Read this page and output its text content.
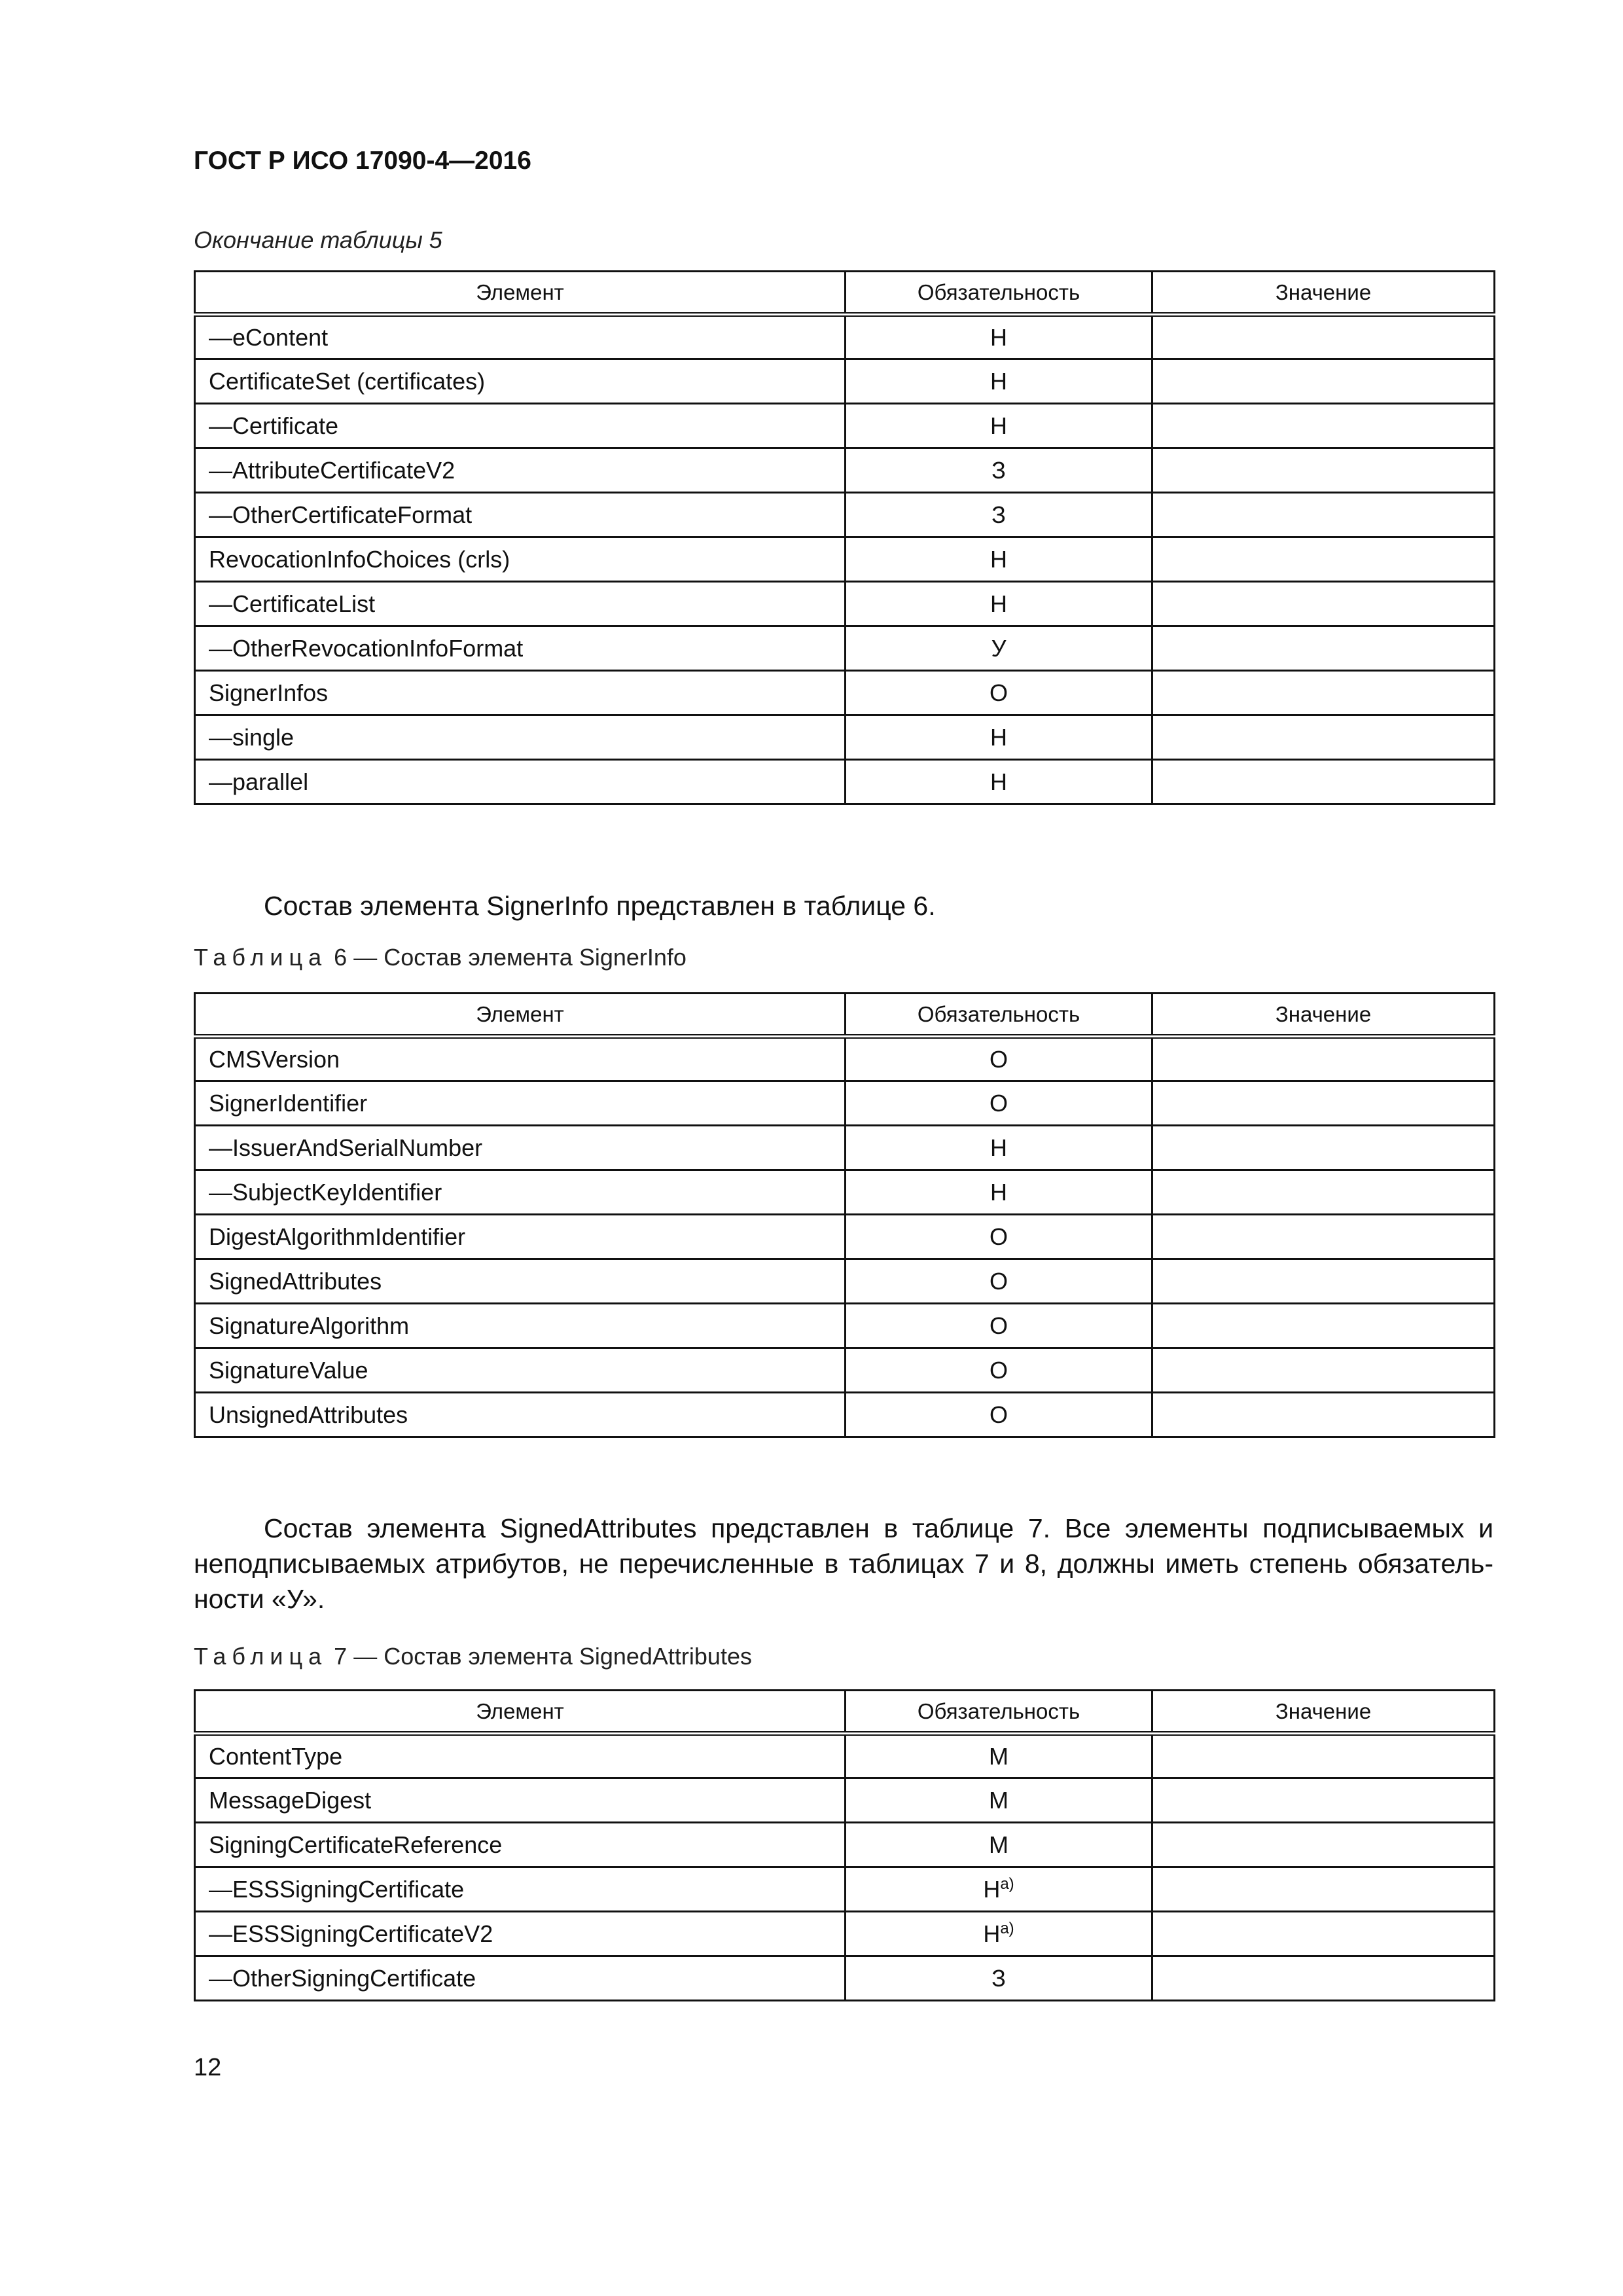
ГОСТ Р ИСО 17090-4—2016
Окончание таблицы 5
Элемент	Обязательность	Значение
—eContent	Н	
CertificateSet (certificates)	Н	
—Certificate	Н	
—AttributeCertificateV2	З	
—OtherCertificateFormat	З	
RevocationInfoChoices (crls)	Н	
—CertificateList	Н	
—OtherRevocationInfoFormat	У	
SignerInfos	О	
—single	Н	
—parallel	Н	
Состав элемента SignerInfo представлен в таблице 6.
Таблица 6 — Состав элемента SignerInfo
Элемент	Обязательность	Значение
CMSVersion	О	
SignerIdentifier	О	
—IssuerAndSerialNumber	Н	
—SubjectKeyIdentifier	Н	
DigestAlgorithmIdentifier	О	
SignedAttributes	О	
SignatureAlgorithm	О	
SignatureValue	О	
UnsignedAttributes	О	
Состав элемента SignedAttributes представлен в таблице 7. Все элементы подписываемых и неподписываемых атрибутов, не перечисленные в таблицах 7 и 8, должны иметь степень обязатель-ности «У».
Таблица 7 — Состав элемента SignedAttributes
Элемент	Обязательность	Значение
ContentType	М	
MessageDigest	М	
SigningCertificateReference	М	
—ESSSigningCertificate	$Н^{a)}$	
—ESSSigningCertificateV2	$Н^{a)}$	
—OtherSigningCertificate	З	
12
